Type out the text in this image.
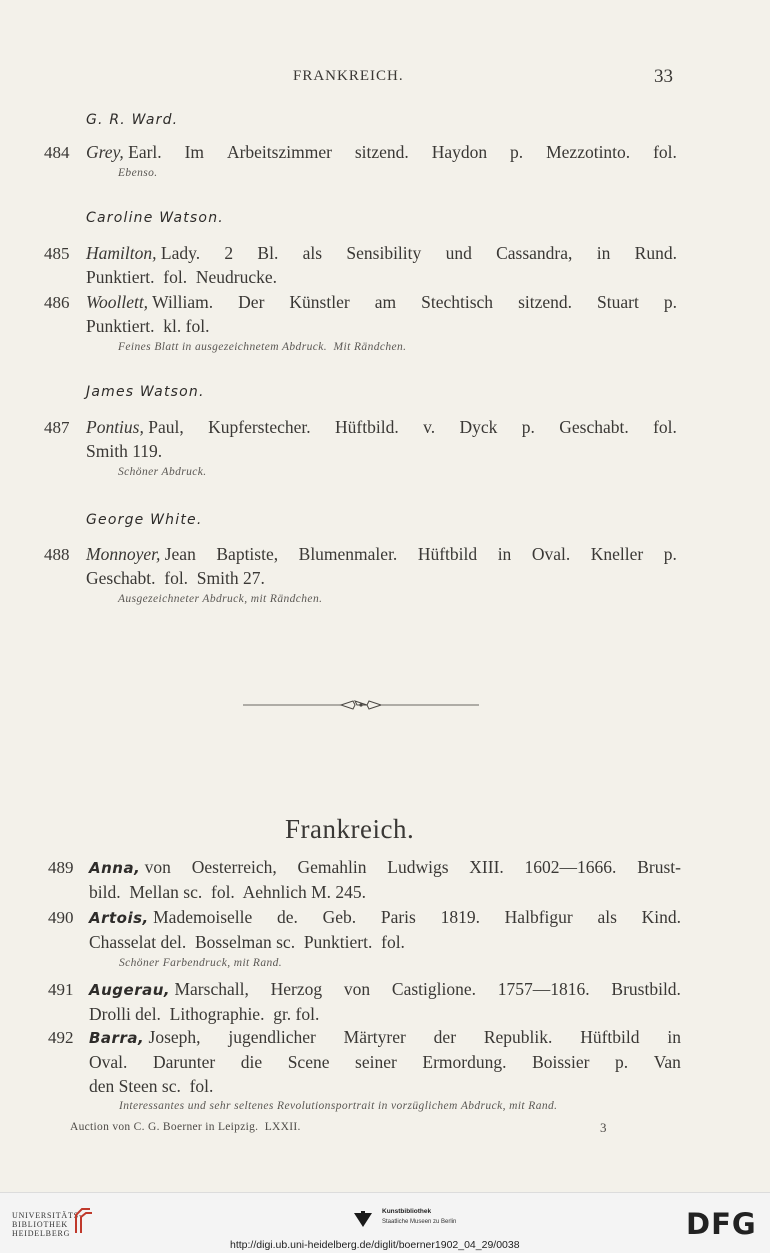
FRANKREICH.	33
G. R. Ward.
484 Grey, Earl. Im Arbeitszimmer sitzend. Haydon p. Mezzotinto. fol.
Ebenso.
Caroline Watson.
485 Hamilton, Lady. 2 Bl. als Sensibility und Cassandra, in Rund.
Punktiert.  fol.  Neudrucke.
486 Woollett, William. Der Künstler am Stechtisch sitzend. Stuart p.
Punktiert.  kl. fol.
Feines Blatt in ausgezeichnetem Abdruck.  Mit Rändchen.
James Watson.
487 Pontius, Paul, Kupferstecher. Hüftbild. v. Dyck p. Geschabt. fol.
Smith 119.
Schöner Abdruck.
George White.
488 Monnoyer, Jean Baptiste, Blumenmaler. Hüftbild in Oval. Kneller p.
Geschabt.  fol.  Smith 27.
Ausgezeichneter Abdruck, mit Rändchen.
Frankreich.
489 Anna, von Oesterreich, Gemahlin Ludwigs XIII. 1602—1666. Brust-
bild.  Mellan sc.  fol.  Aehnlich M. 245.
490 Artois, Mademoiselle de. Geb. Paris 1819. Halbfigur als Kind.
Chasselat del.  Bosselman sc.  Punktiert.  fol.
Schöner Farbendruck, mit Rand.
491 Augerau, Marschall, Herzog von Castiglione. 1757—1816. Brustbild.
Drolli del.  Lithographie.  gr. fol.
492 Barra, Joseph, jugendlicher Märtyrer der Republik. Hüftbild in
Oval. Darunter die Scene seiner Ermordung. Boissier p. Van
den Steen sc.  fol.
Interessantes und sehr seltenes Revolutionsportrait in vorzüglichem Abdruck, mit Rand.
Auction von C. G. Boerner in Leipzig.  LXXII.	3
UNIVERSITÄTS-
BIBLIOTHEK
HEIDELBERG
Kunstbibliothek
Staatliche Museen zu Berlin	DFG
http://digi.ub.uni-heidelberg.de/diglit/boerner1902_04_29/0038
